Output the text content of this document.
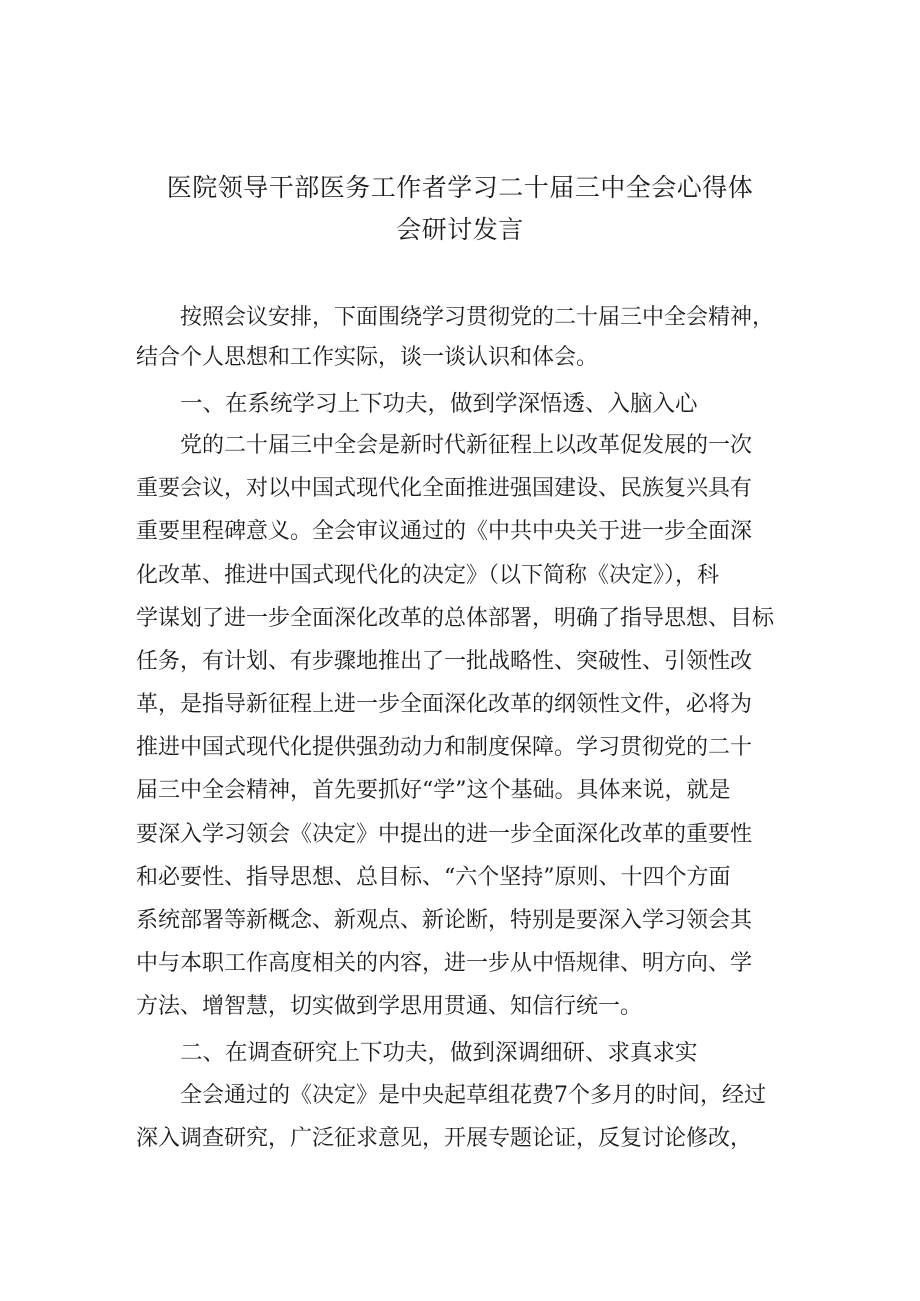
医院领导干部医务工作者学习二十届三中全会心得体
会研讨发言
按照会议安排，下面围绕学习贯彻党的二十届三中全会精神，
结合个人思想和工作实际，谈一谈认识和体会。
一、在系统学习上下功夫，做到学深悟透、入脑入心
党的二十届三中全会是新时代新征程上以改革促发展的一次
重要会议，对以中国式现代化全面推进强国建设、民族复兴具有
重要里程碑意义。全会审议通过的《中共中央关于进一步全面深
化改革、推进中国式现代化的决定》（以下简称《决定》），科
学谋划了进一步全面深化改革的总体部署，明确了指导思想、目标
任务，有计划、有步骤地推出了一批战略性、突破性、引领性改
革，是指导新征程上进一步全面深化改革的纲领性文件，必将为
推进中国式现代化提供强劲动力和制度保障。学习贯彻党的二十
届三中全会精神，首先要抓好“学”这个基础。具体来说，就是
要深入学习领会《决定》中提出的进一步全面深化改革的重要性
和必要性、指导思想、总目标、“六个坚持”原则、十四个方面
系统部署等新概念、新观点、新论断，特别是要深入学习领会其
中与本职工作高度相关的内容，进一步从中悟规律、明方向、学
方法、增智慧，切实做到学思用贯通、知信行统一。
二、在调查研究上下功夫，做到深调细研、求真求实
全会通过的《决定》是中央起草组花费7个多月的时间，经过
深入调查研究，广泛征求意见，开展专题论证，反复讨论修改，
